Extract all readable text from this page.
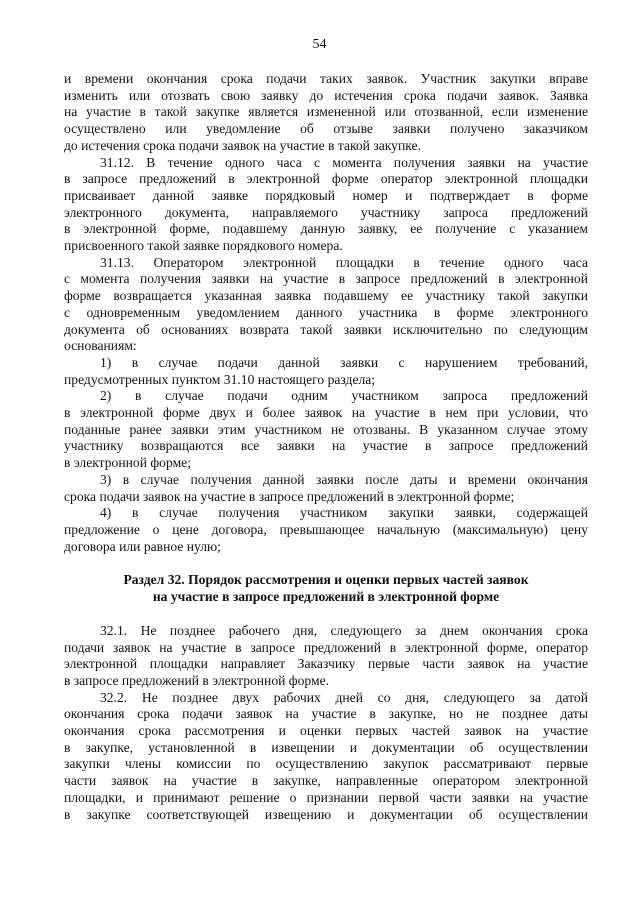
54
и времени окончания срока подачи таких заявок. Участник закупки вправе
изменить или отозвать свою заявку до истечения срока подачи заявок. Заявка
на участие в такой закупке является измененной или отозванной, если изменение
осуществлено или уведомление об отзыве заявки получено заказчиком
до истечения срока подачи заявок на участие в такой закупке.
31.12. В течение одного часа с момента получения заявки на участие
в запросе предложений в электронной форме оператор электронной площадки
присваивает данной заявке порядковый номер и подтверждает в форме
электронного документа, направляемого участнику запроса предложений
в электронной форме, подавшему данную заявку, ее получение с указанием
присвоенного такой заявке порядкового номера.
31.13. Оператором электронной площадки в течение одного часа
с момента получения заявки на участие в запросе предложений в электронной
форме возвращается указанная заявка подавшему ее участнику такой закупки
с одновременным уведомлением данного участника в форме электронного
документа об основаниях возврата такой заявки исключительно по следующим
основаниям:
1) в случае подачи данной заявки с нарушением требований,
предусмотренных пунктом 31.10 настоящего раздела;
2) в случае подачи одним участником запроса предложений
в электронной форме двух и более заявок на участие в нем при условии, что
поданные ранее заявки этим участником не отозваны. В указанном случае этому
участнику возвращаются все заявки на участие в запросе предложений
в электронной форме;
3) в случае получения данной заявки после даты и времени окончания
срока подачи заявок на участие в запросе предложений в электронной форме;
4) в случае получения участником закупки заявки, содержащей
предложение о цене договора, превышающее начальную (максимальную) цену
договора или равное нулю;
Раздел 32. Порядок рассмотрения и оценки первых частей заявок
на участие в запросе предложений в электронной форме
32.1. Не позднее рабочего дня, следующего за днем окончания срока
подачи заявок на участие в запросе предложений в электронной форме, оператор
электронной площадки направляет Заказчику первые части заявок на участие
в запросе предложений в электронной форме.
32.2. Не позднее двух рабочих дней со дня, следующего за датой
окончания срока подачи заявок на участие в закупке, но не позднее даты
окончания срока рассмотрения и оценки первых частей заявок на участие
в закупке, установленной в извещении и документации об осуществлении
закупки члены комиссии по осуществлению закупок рассматривают первые
части заявок на участие в закупке, направленные оператором электронной
площадки, и принимают решение о признании первой части заявки на участие
в закупке соответствующей извещению и документации об осуществлении
